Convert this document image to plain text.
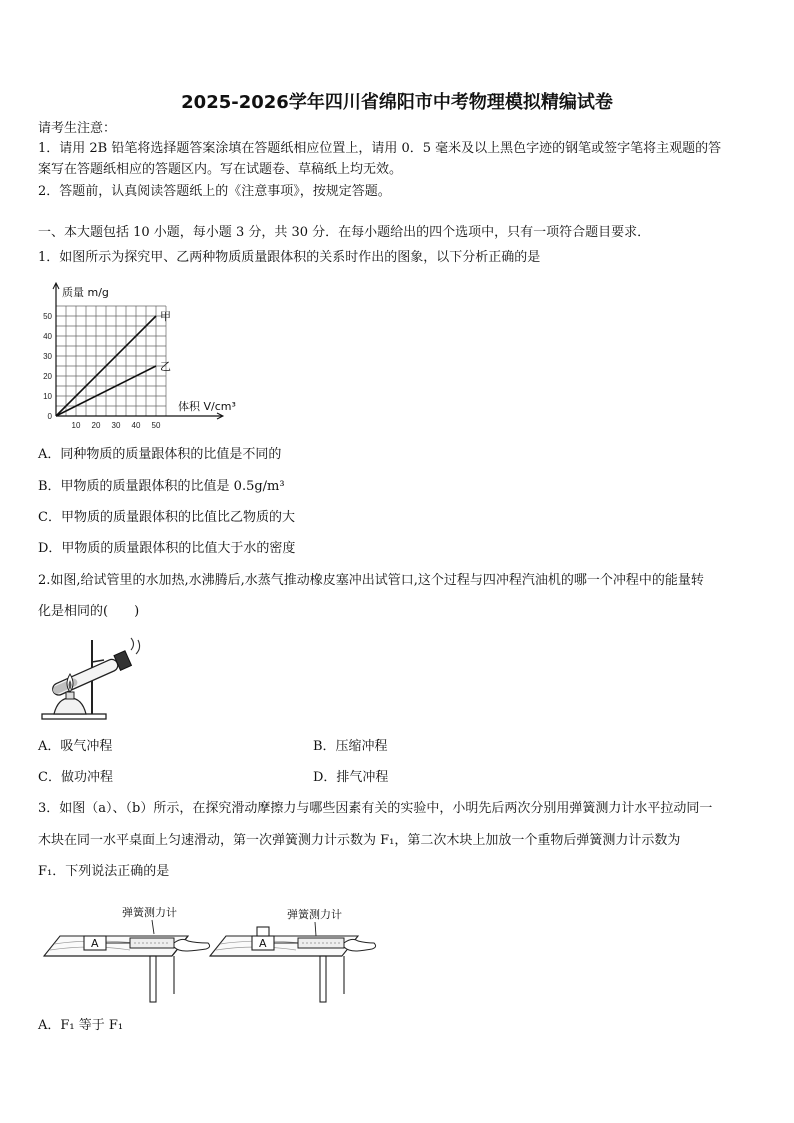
2025-2026学年四川省绵阳市中考物理模拟精编试卷
请考生注意：
1．请用 2B 铅笔将选择题答案涂填在答题纸相应位置上，请用 0．5 毫米及以上黑色字迹的钢笔或签字笔将主观题的答
案写在答题纸相应的答题区内。写在试题卷、草稿纸上均无效。
2．答题前，认真阅读答题纸上的《注意事项》，按规定答题。
一、本大题包括 10 小题，每小题 3 分，共 30 分．在每小题给出的四个选项中，只有一项符合题目要求．
1．如图所示为探究甲、乙两种物质质量跟体积的关系时作出的图象，以下分析正确的是
0
10
20
30
40
50
10 20 30 40 50
甲
乙
质量 m/g
体积 V/cm³
A．同种物质的质量跟体积的比值是不同的
B．甲物质的质量跟体积的比值是 0.5g/m³
C．甲物质的质量跟体积的比值比乙物质的大
D．甲物质的质量跟体积的比值大于水的密度
2.如图,给试管里的水加热,水沸腾后,水蒸气推动橡皮塞冲出试管口,这个过程与四冲程汽油机的哪一个冲程中的能量转
化是相同的(　　)
A．吸气冲程	B．压缩冲程
C．做功冲程	D．排气冲程
3．如图（a）、（b）所示，在探究滑动摩擦力与哪些因素有关的实验中，小明先后两次分别用弹簧测力计水平拉动同一
木块在同一水平桌面上匀速滑动，第一次弹簧测力计示数为 F₁，第二次木块上加放一个重物后弹簧测力计示数为
F₁．下列说法正确的是
弹簧测力计	弹簧测力计
A	A
A．F₁ 等于 F₁
